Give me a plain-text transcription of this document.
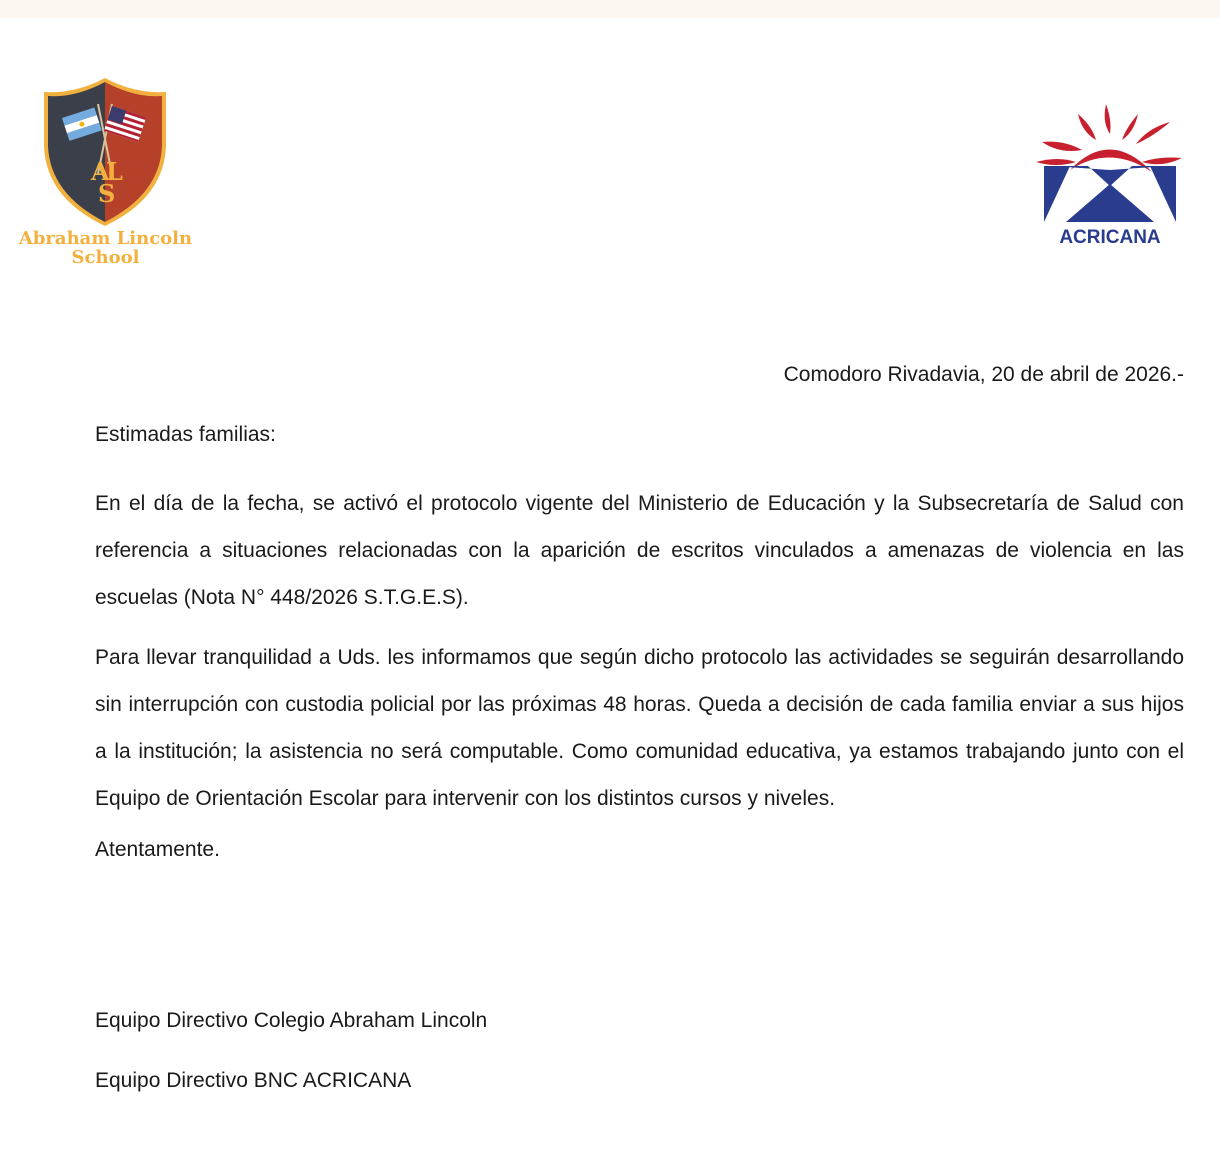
A
L
S
Abraham Lincoln
School
ACRICANA
Comodoro Rivadavia, 20 de abril de 2026.-

Estimadas familias:

En el día de la fecha, se activó el protocolo vigente del Ministerio de Educación y la Subsecretaría de Salud con referencia a situaciones relacionadas con la aparición de escritos vinculados a amenazas de violencia en las escuelas (Nota N° 448/2026 S.T.G.E.S).

Para llevar tranquilidad a Uds. les informamos que según dicho protocolo las actividades se seguirán desarrollando sin interrupción con custodia policial por las próximas 48 horas. Queda a decisión de cada familia enviar a sus hijos a la institución; la asistencia no será computable. Como comunidad educativa, ya estamos trabajando junto con el Equipo de Orientación Escolar para intervenir con los distintos cursos y niveles.

Atentamente.

Equipo Directivo Colegio Abraham Lincoln
Equipo Directivo BNC ACRICANA
